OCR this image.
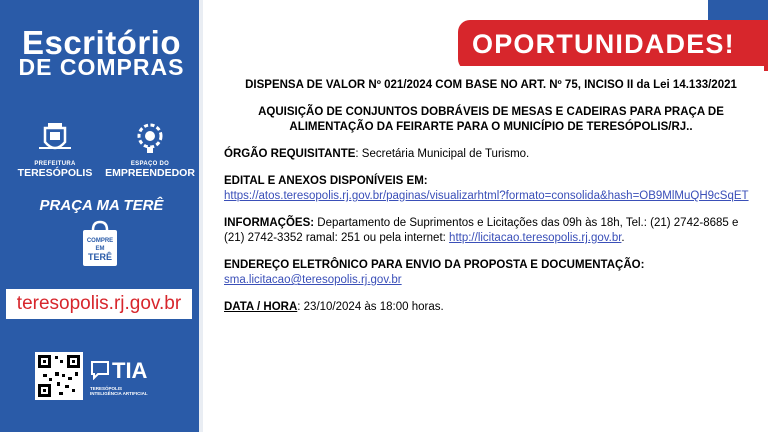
Escritório
DE COMPRAS
PREFEITURA
TERESÓPOLIS
ESPAÇO DO
EMPREENDEDOR
PRAÇA MA TERÊ
COMPRE
EM
TERÊ
teresopolis.rj.gov.br
TIA
TERESÓPOLIS
INTELIGÊNCIA ARTIFICIAL
OPORTUNIDADES!
DISPENSA DE VALOR Nº 021/2024 COM BASE NO ART. Nº 75, INCISO II da Lei 14.133/2021
AQUISIÇÃO DE CONJUNTOS DOBRÁVEIS DE MESAS E CADEIRAS PARA PRAÇA DE ALIMENTAÇÃO DA FEIRARTE PARA O MUNICÍPIO DE TERESÓPOLIS/RJ..
ÓRGÃO REQUISITANTE: Secretária Municipal de Turismo.
EDITAL E ANEXOS DISPONÍVEIS EM:
https://atos.teresopolis.rj.gov.br/paginas/visualizarhtml?formato=consolida&hash=OB9MlMuQH9cSqET
INFORMAÇÕES: Departamento de Suprimentos e Licitações das 09h às 18h, Tel.: (21) 2742-8685 e (21) 2742-3352 ramal: 251 ou pela internet: http://licitacao.teresopolis.rj.gov.br.
ENDEREÇO ELETRÔNICO PARA ENVIO DA PROPOSTA E DOCUMENTAÇÃO:
sma.licitacao@teresopolis.rj.gov.br
DATA / HORA: 23/10/2024 às 18:00 horas.
